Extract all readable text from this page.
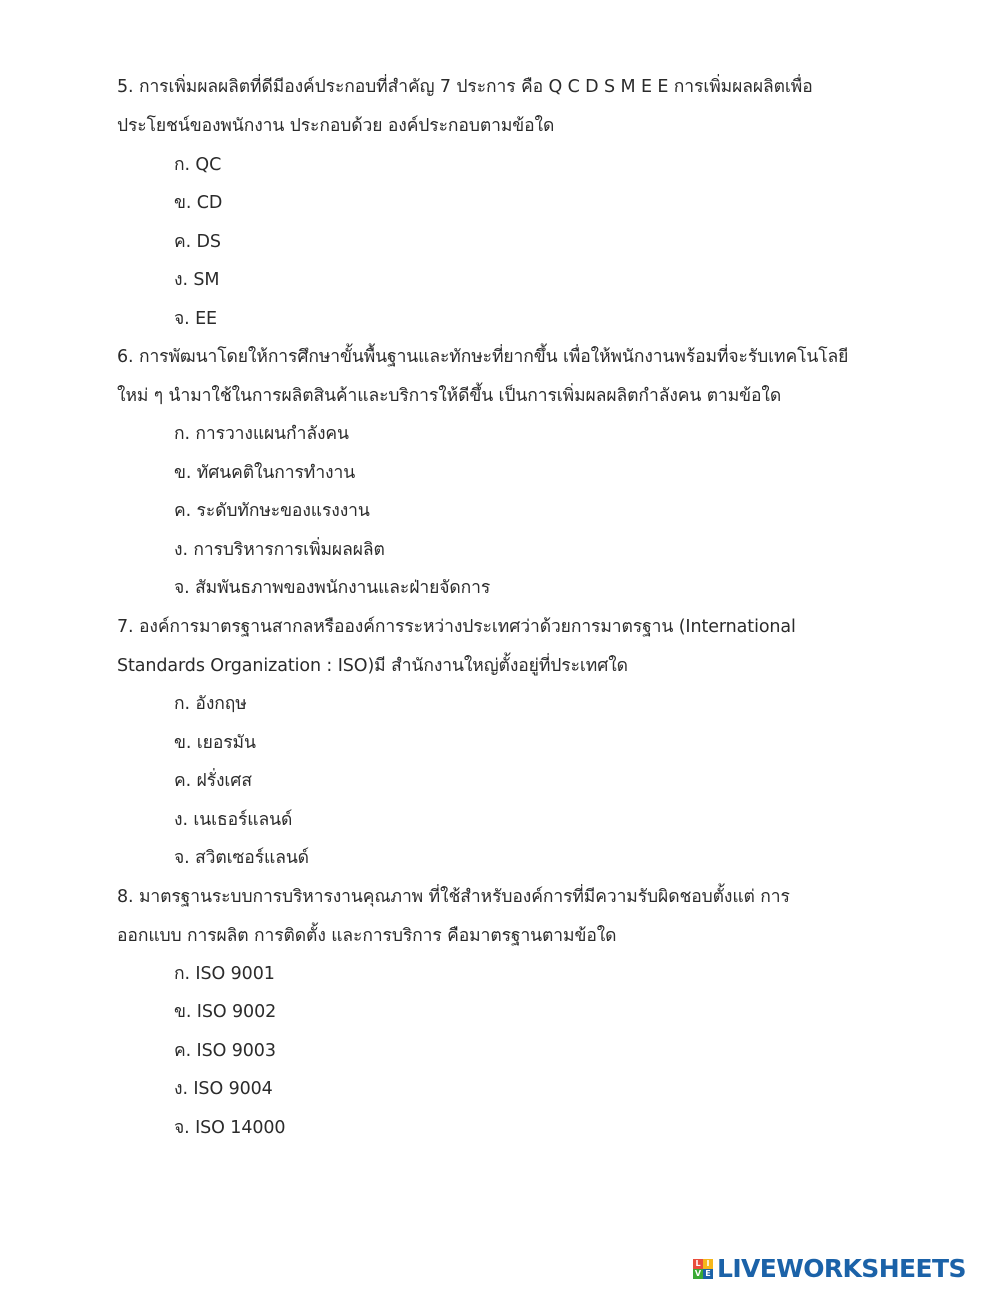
5. การเพิ่มผลผลิตที่ดีมีองค์ประกอบที่สำคัญ 7 ประการ คือ Q C D S M E E การเพิ่มผลผลิตเพื่อ
ประโยชน์ของพนักงาน ประกอบด้วย องค์ประกอบตามข้อใด
ก. QC
ข. CD
ค. DS
ง. SM
จ. EE
6. การพัฒนาโดยให้การศึกษาขั้นพื้นฐานและทักษะที่ยากขึ้น เพื่อให้พนักงานพร้อมที่จะรับเทคโนโลยี
ใหม่ ๆ นำมาใช้ในการผลิตสินค้าและบริการให้ดีขึ้น เป็นการเพิ่มผลผลิตกำลังคน ตามข้อใด
ก. การวางแผนกำลังคน
ข. ทัศนคติในการทำงาน
ค. ระดับทักษะของแรงงาน
ง. การบริหารการเพิ่มผลผลิต
จ. สัมพันธภาพของพนักงานและฝ่ายจัดการ
7. องค์การมาตรฐานสากลหรือองค์การระหว่างประเทศว่าด้วยการมาตรฐาน (International
Standards Organization : ISO)มี สำนักงานใหญ่ตั้งอยู่ที่ประเทศใด
ก. อังกฤษ
ข. เยอรมัน
ค. ฝรั่งเศส
ง. เนเธอร์แลนด์
จ. สวิตเซอร์แลนด์
8. มาตรฐานระบบการบริหารงานคุณภาพ ที่ใช้สำหรับองค์การที่มีความรับผิดชอบตั้งแต่ การ
ออกแบบ การผลิต การติดตั้ง และการบริการ คือมาตรฐานตามข้อใด
ก. ISO 9001
ข. ISO 9002
ค. ISO 9003
ง. ISO 9004
จ. ISO 14000
L I
V E LIVEWORKSHEETS
